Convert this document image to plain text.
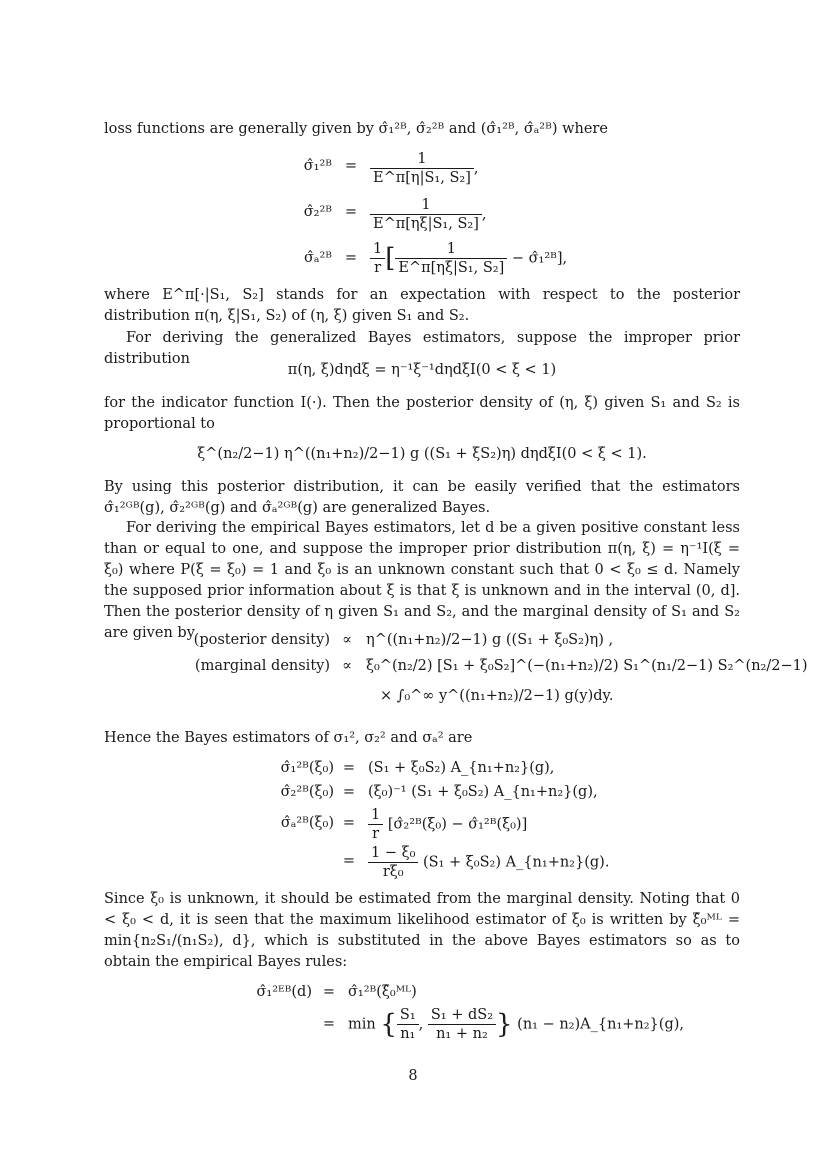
loss functions are generally given by σ̂₁²ᴮ, σ̂₂²ᴮ and (σ̂₁²ᴮ, σ̂ₐ²ᴮ) where
σ̂₁²ᴮ = $\frac{1}{\text{E\textasciicircum{}π[η|S₁, S₂]}}$ ,
σ̂₂²ᴮ = $\frac{1}{\text{E\textasciicircum{}π[ηξ|S₁, S₂]}}$ ,
σ̂ₐ²ᴮ = $\frac{1}{r}$ [ $\frac{1}{\text{E\textasciicircum{}π[ηξ|S₁, S₂]}}$ − σ̂₁²ᴮ],
where E^π[·|S₁, S₂] stands for an expectation with respect to the posterior distribution π(η, ξ|S₁, S₂) of (η, ξ) given S₁ and S₂.
For deriving the generalized Bayes estimators, suppose the improper prior distribution
π(η, ξ)dηdξ = η⁻¹ξ⁻¹dηdξI(0 < ξ < 1)
for the indicator function I(·). Then the posterior density of (η, ξ) given S₁ and S₂ is proportional to
ξ^(n₂/2−1) η^((n₁+n₂)/2−1) g ((S₁ + ξS₂)η) dηdξI(0 < ξ < 1).
By using this posterior distribution, it can be easily verified that the estimators σ̂₁²ᴳᴮ(g), σ̂₂²ᴳᴮ(g) and σ̂ₐ²ᴳᴮ(g) are generalized Bayes.
For deriving the empirical Bayes estimators, let d be a given positive constant less than or equal to one, and suppose the improper prior distribution π(η, ξ) = η⁻¹I(ξ = ξ₀) where P(ξ = ξ₀) = 1 and ξ₀ is an unknown constant such that 0 < ξ₀ ≤ d. Namely the supposed prior information about ξ is that ξ is unknown and in the interval (0, d]. Then the posterior density of η given S₁ and S₂, and the marginal density of S₁ and S₂ are given by
(posterior density) ∝ η^((n₁+n₂)/2−1) g ((S₁ + ξ₀S₂)η) ,
(marginal density) ∝ ξ₀^(n₂/2) [S₁ + ξ₀S₂]^(−(n₁+n₂)/2) S₁^(n₁/2−1) S₂^(n₂/2−1)
× ∫₀^∞ y^((n₁+n₂)/2−1) g(y)dy.
Hence the Bayes estimators of σ₁², σ₂² and σₐ² are
σ̂₁²ᴮ(ξ₀) = (S₁ + ξ₀S₂) A_{n₁+n₂}(g),
σ̂₂²ᴮ(ξ₀) = (ξ₀)⁻¹ (S₁ + ξ₀S₂) A_{n₁+n₂}(g),
σ̂ₐ²ᴮ(ξ₀) = $\frac{1}{r}$ [σ̂₂²ᴮ(ξ₀) − σ̂₁²ᴮ(ξ₀)]
= $\frac{\text{1 − ξ₀}}{\text{rξ₀}} (S_1 + \xi_0S_2)$ A_{n₁+n₂}(g).
Since ξ₀ is unknown, it should be estimated from the marginal density. Noting that 0 < ξ₀ < d, it is seen that the maximum likelihood estimator of ξ₀ is written by ξ̂₀ᴹᴸ = min{n₂S₁/(n₁S₂), d}, which is substituted in the above Bayes estimators so as to obtain the empirical Bayes rules:
σ̂₁²ᴱᴮ(d) = σ̂₁²ᴮ(ξ̂₀ᴹᴸ)
= min { $\frac{\text{S₁}}{\text{n₁}}$ , $\frac{\text{S₁ + dS₂}}{\text{n₁ + n₂}}$ } (n₁ − n₂)A_{n₁+n₂}(g),
8
